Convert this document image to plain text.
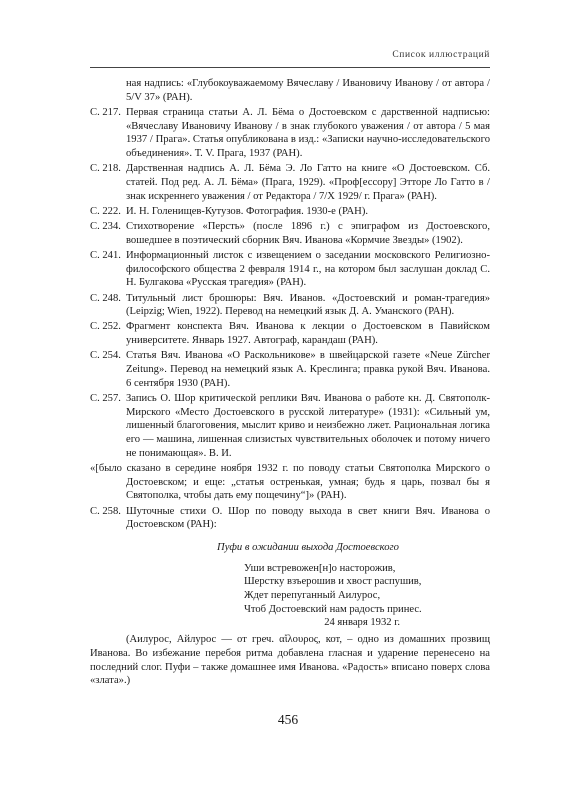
Список иллюстраций
ная надпись: «Глубокоуважаемому Вячеславу / Ивановичу Иванову / от автора / 5/V 37» (РАН).
С. 217. Первая страница статьи А. Л. Бёма о Достоевском с дарственной надписью: «Вячеславу Ивановичу Иванову / в знак глубокого уважения / от автора / 5 мая 1937 / Прага». Статья опубликована в изд.: «Записки научно-исследовательского объединения». Т. V. Прага, 1937 (РАН).
С. 218. Дарственная надпись А. Л. Бёма Э. Ло Гатто на книге «О Достоевском. Сб. статей. Под ред. А. Л. Бёма» (Прага, 1929). «Проф[ессору] Этторе Ло Гатто в / знак искреннего уважения / от Редактора / 7/X 1929/ г. Прага» (РАН).
С. 222. И. Н. Голенищев-Кутузов. Фотография. 1930-е (РАН).
С. 234. Стихотворение «Персть» (после 1896 г.) с эпиграфом из Достоевского, вошедшее в поэтический сборник Вяч. Иванова «Кормчие Звезды» (1902).
С. 241. Информационный листок с извещением о заседании московского Религиозно-философского общества 2 февраля 1914 г., на котором был заслушан доклад С. Н. Булгакова «Русская трагедия» (РАН).
С. 248. Титульный лист брошюры: Вяч. Иванов. «Достоевский и роман-трагедия» (Leipzig; Wien, 1922). Перевод на немецкий язык Д. А. Уманского (РАН).
С. 252. Фрагмент конспекта Вяч. Иванова к лекции о Достоевском в Павийском университете. Январь 1927. Автограф, карандаш (РАН).
С. 254. Статья Вяч. Иванова «О Раскольникове» в швейцарской газете «Neue Zürcher Zeitung». Перевод на немецкий язык А. Креслинга; правка рукой Вяч. Иванова. 6 сентября 1930 (РАН).
С. 257. Запись О. Шор критической реплики Вяч. Иванова о работе кн. Д. Святополк-Мирского «Место Достоевского в русской литературе» (1931): «Сильный ум, лишенный благоговения, мыслит криво и неизбежно лжет. Рациональная логика его — машина, лишенная слизистых чувствительных оболочек и потому ничего не понимающая». В. И.
«[было сказано в середине ноября 1932 г. по поводу статьи Святополка Мирского о Достоевском; и еще: „статья остренькая, умная; будь я царь, позвал бы я Святополка, чтобы дать ему пощечину“]» (РАН).
С. 258. Шуточные стихи О. Шор по поводу выхода в свет книги Вяч. Иванова о Достоевском (РАН):
Пуфи в ожидании выхода Достоевского
Уши встревожен[н]о насторожив,
Шерстку взъерошив и хвост распушив,
Ждет перепуганный Аилурос,
Чтоб Достоевский нам радость принес.
24 января 1932 г.
(Аилурос, Айлурос — от греч. αἴλουρος, кот, – одно из домашних прозвищ Иванова. Во избежание перебоя ритма добавлена гласная и ударение перенесено на последний слог. Пуфи – также домашнее имя Иванова. «Радость» вписано поверх слова «злата».)
456
